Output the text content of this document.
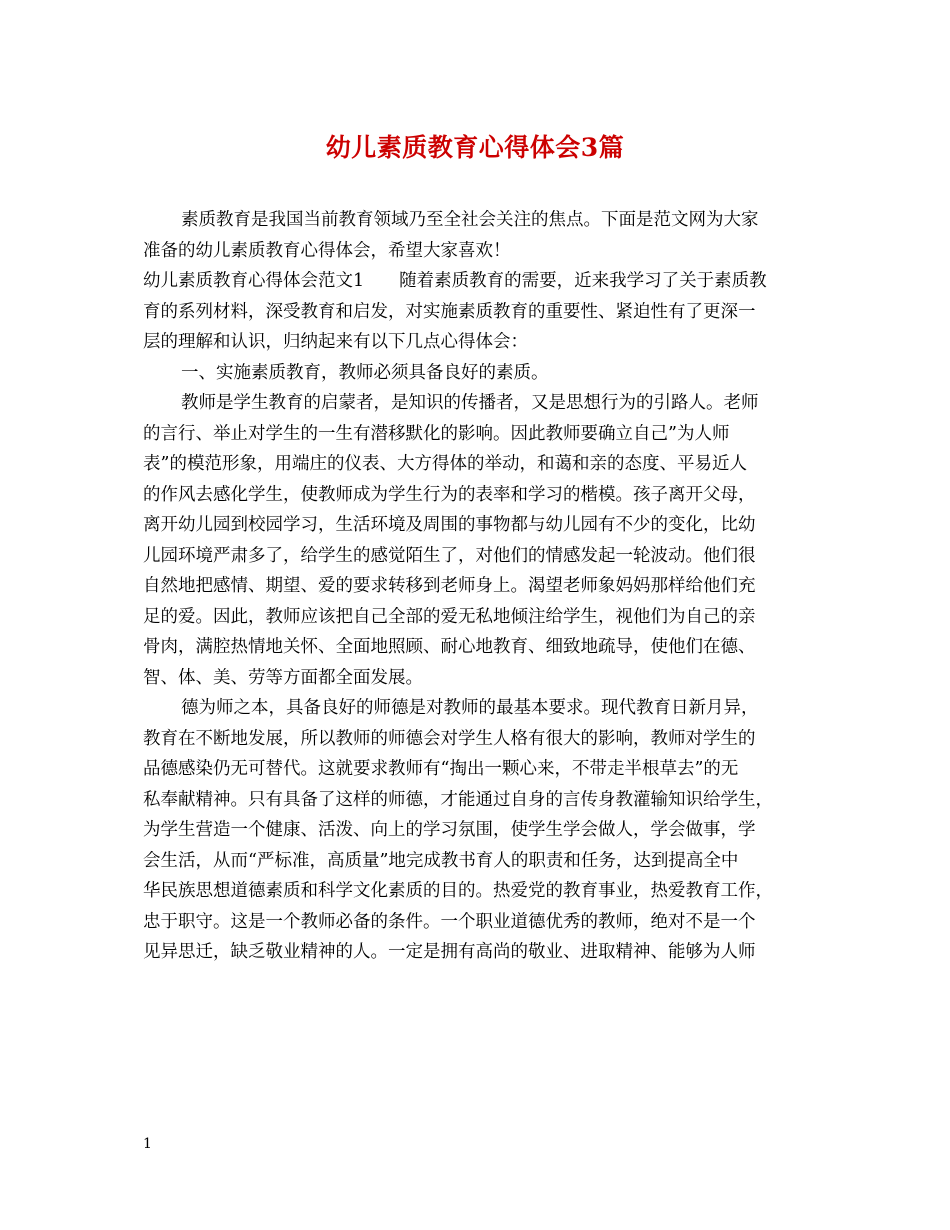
幼儿素质教育心得体会3篇
素质教育是我国当前教育领域乃至全社会关注的焦点。下面是范文网为大家
准备的幼儿素质教育心得体会，希望大家喜欢！
幼儿素质教育心得体会范文1　　随着素质教育的需要，近来我学习了关于素质教
育的系列材料，深受教育和启发，对实施素质教育的重要性、紧迫性有了更深一
层的理解和认识，归纳起来有以下几点心得体会：
一、实施素质教育，教师必须具备良好的素质。
教师是学生教育的启蒙者，是知识的传播者，又是思想行为的引路人。老师
的言行、举止对学生的一生有潜移默化的影响。因此教师要确立自己”为人师
表”的模范形象，用端庄的仪表、大方得体的举动，和蔼和亲的态度、平易近人
的作风去感化学生，使教师成为学生行为的表率和学习的楷模。孩子离开父母，
离开幼儿园到校园学习，生活环境及周围的事物都与幼儿园有不少的变化，比幼
儿园环境严肃多了，给学生的感觉陌生了，对他们的情感发起一轮波动。他们很
自然地把感情、期望、爱的要求转移到老师身上。渴望老师象妈妈那样给他们充
足的爱。因此，教师应该把自己全部的爱无私地倾注给学生，视他们为自己的亲
骨肉，满腔热情地关怀、全面地照顾、耐心地教育、细致地疏导，使他们在德、
智、体、美、劳等方面都全面发展。
德为师之本，具备良好的师德是对教师的最基本要求。现代教育日新月异，
教育在不断地发展，所以教师的师德会对学生人格有很大的影响，教师对学生的
品德感染仍无可替代。这就要求教师有“掏出一颗心来，不带走半根草去”的无
私奉献精神。只有具备了这样的师德，才能通过自身的言传身教灌输知识给学生，
为学生营造一个健康、活泼、向上的学习氛围，使学生学会做人，学会做事，学
会生活，从而“严标准，高质量”地完成教书育人的职责和任务，达到提高全中
华民族思想道德素质和科学文化素质的目的。热爱党的教育事业，热爱教育工作，
忠于职守。这是一个教师必备的条件。一个职业道德优秀的教师，绝对不是一个
见异思迁，缺乏敬业精神的人。一定是拥有高尚的敬业、进取精神、能够为人师
1
